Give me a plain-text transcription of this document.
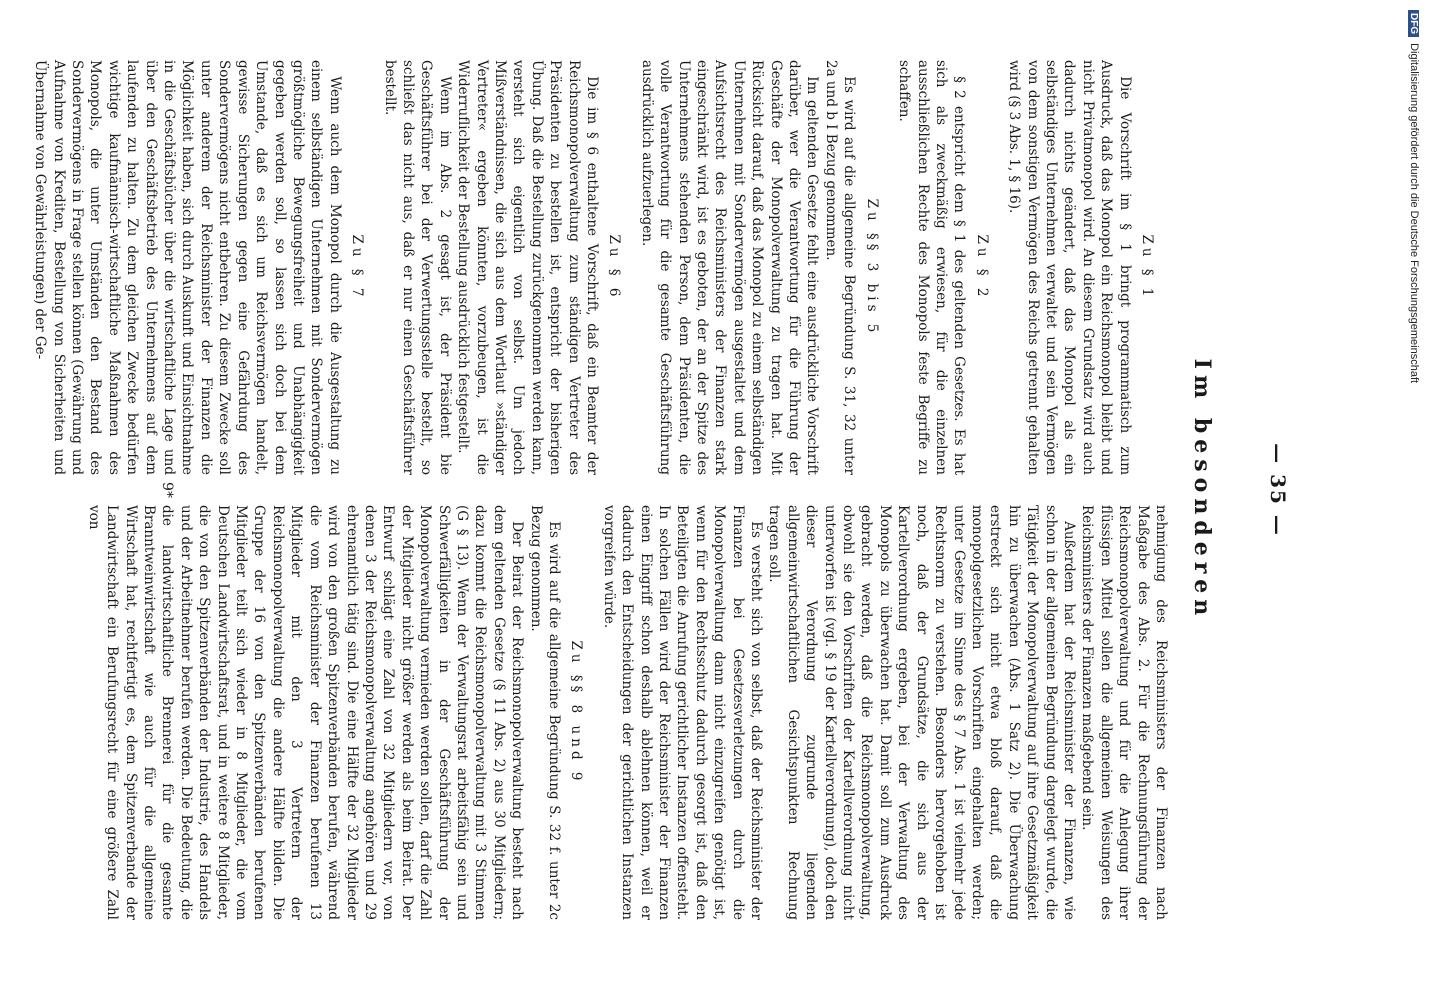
— 35 —
Im besonderen
Zu § 1

Die Vorschrift im § 1 bringt programmatisch zum Ausdruck, daß das Monopol ein Reichsmonopol bleibt und nicht Privatmonopol wird. An diesem Grundsatz wird auch dadurch nichts geändert, daß das Monopol als ein selbständiges Unternehmen verwaltet und sein Vermögen von dem sonstigen Vermögen des Reichs getrennt gehalten wird (§ 3 Abs. 1, § 16).

Zu § 2

§ 2 entspricht dem § 1 des geltenden Gesetzes. Es hat sich als zweckmäßig erwiesen, für die einzelnen ausschließlichen Rechte des Monopols feste Begriffe zu schaffen.

Zu §§ 3 bis 5

Es wird auf die allgemeine Begründung S. 31, 32 unter 2a und b I Bezug genommen.

Im geltenden Gesetze fehlt eine ausdrückliche Vorschrift darüber, wer die Verantwortung für die Führung der Geschäfte der Monopolverwaltung zu tragen hat. Mit Rücksicht darauf, daß das Monopol zu einem selbständigen Unternehmen mit Sondervermögen ausgestaltet und dem Aufsichtsrecht des Reichsministers der Finanzen stark eingeschränkt wird, ist es geboten, der an der Spitze des Unternehmens stehenden Person, dem Präsidenten, die volle Verantwortung für die gesamte Geschäftsführung ausdrücklich aufzuerlegen.

Zu § 6

Die im § 6 enthaltene Vorschrift, daß ein Beamter der Reichsmonopolverwaltung zum ständigen Vertreter des Präsidenten zu bestellen ist, entspricht der bisherigen Übung. Daß die Bestellung zurückgenommen werden kann, versteht sich eigentlich von selbst. Um jedoch Mißverständnissen, die sich aus dem Wortlaut »ständiger Vertreter« ergeben könnten, vorzubeugen, ist die Widerruflichkeit der Bestellung ausdrücklich festgestellt.

Wenn im Abs. 2 gesagt ist, der Präsident bie Geschäftsführer bei der Verwertungsstelle bestellt, so schließt das nicht aus, daß er nur einen Geschäftsführer bestellt.

Zu § 7

Wenn auch dem Monopol durch die Ausgestaltung zu einem selbständigen Unternehmen mit Sondervermögen größtmögliche Bewegungsfreiheit und Unabhängigkeit gegeben werden soll, so lassen sich doch bei dem Umstande, daß es sich um Reichsvermögen handelt, gewisse Sicherungen gegen eine Gefährdung des Sondervermögens nicht entbehren. Zu diesem Zwecke soll unter anderem der Reichsminister der Finanzen die Möglichkeit haben, sich durch Auskunft und Einsichtnahme in die Geschäftsbücher über die wirtschaftliche Lage und über den Geschäftsbetrieb des Unternehmens auf dem laufenden zu halten. Zu dem gleichen Zwecke bedürfen wichtige kaufmännisch-wirtschaftliche Maßnahmen des Monopols, die unter Umständen den Bestand des Sondervermögens in Frage stellen können (Gewährung und Aufnahme von Krediten, Bestellung von Sicherheiten und Übernahme von Gewährleistungen) der Ge-

nehmigung des Reichsministers der Finanzen nach Maßgabe des Abs. 2. Für die Rechnungsführung der Reichsmonopolverwaltung und für die Anlegung ihrer flüssigen Mittel sollen die allgemeinen Weisungen des Reichsministers der Finanzen maßgebend sein.

Außerdem hat der Reichsminister der Finanzen, wie schon in der allgemeinen Begründung dargelegt wurde, die Tätigkeit der Monopolverwaltung auf ihre Gesetzmäßigkeit hin zu überwachen (Abs. 1 Satz 2). Die Überwachung erstreckt sich nicht etwa bloß darauf, daß die monopolgesetzlichen Vorschriften eingehalten werden; unter Gesetze im Sinne des § 7 Abs. 1 ist vielmehr jede Rechtsnorm zu verstehen. Besonders hervorgehoben ist noch, daß der Grundsätze, die sich aus der Kartellverordnung ergeben, bei der Verwaltung des Monopols zu überwachen hat. Damit soll zum Ausdruck gebracht werden, daß die Reichsmonopolverwaltung, obwohl sie den Vorschriften der Kartellverordnung nicht unterworfen ist (vgl. § 19 der Kartellverordnung), doch den dieser Verordnung zugrunde liegenden allgemeinwirtschaftlichen Gesichtspunkten Rechnung tragen soll.

Es versteht sich von selbst, daß der Reichsminister der Finanzen bei Gesetzesverletzungen durch die Monopolverwaltung dann nicht einzugreifen genötigt ist, wenn für den Rechtsschutz dadurch gesorgt ist, daß den Beteiligten die Anrufung gerichtlicher Instanzen offensteht. In solchen Fällen wird der Reichsminister der Finanzen einen Eingriff schon deshalb ablehnen können, weil er dadurch den Entscheidungen der gerichtlichen Instanzen vorgreifen würde.

Zu §§ 8 und 9

Es wird auf die allgemeine Begründung S. 32 f. unter 2c Bezug genommen.

Der Beirat der Reichsmonopolverwaltung besteht nach dem geltenden Gesetze (§ 11 Abs. 2) aus 30 Mitgliedern; dazu kommt die Reichsmonopolverwaltung mit 3 Stimmen (G § 13). Wenn der Verwaltungsrat arbeitsfähig sein und Schwerfälligkeiten in der Geschäftsführung der Monopolverwaltung vermieden werden sollen, darf die Zahl der Mitglieder nicht größer werden als beim Beirat. Der Entwurf schlägt eine Zahl von 32 Mitgliedern vor, von denen 3 der Reichsmonopolverwaltung angehören und 29 ehrenamtlich tätig sind. Die eine Hälfte der 32 Mitglieder wird von den großen Spitzenverbänden berufen, während die vom Reichsminister der Finanzen berufenen 13 Mitglieder mit den 3 Vertretern der Reichsmonopolverwaltung die andere Hälfte bilden. Die Gruppe der 16 von den Spitzenverbänden berufenen Mitglieder teilt sich wieder in 8 Mitglieder, die vom Deutschen Landwirtschaftsrat, und in weitere 8 Mitglieder, die von den Spitzenverbänden der Industrie, des Handels und der Arbeitnehmer berufen werden. Die Bedeutung, die die landwirtschaftliche Brennerei für die gesamte Branntweinwirtschaft wie auch für die allgemeine Wirtschaft hat, rechtfertigt es, dem Spitzenverbande der Landwirtschaft ein Berufungsrecht für eine größere Zahl von

9*
DFGDigitalisierung gefördert durch die Deutsche Forschungsgemeinschaft
